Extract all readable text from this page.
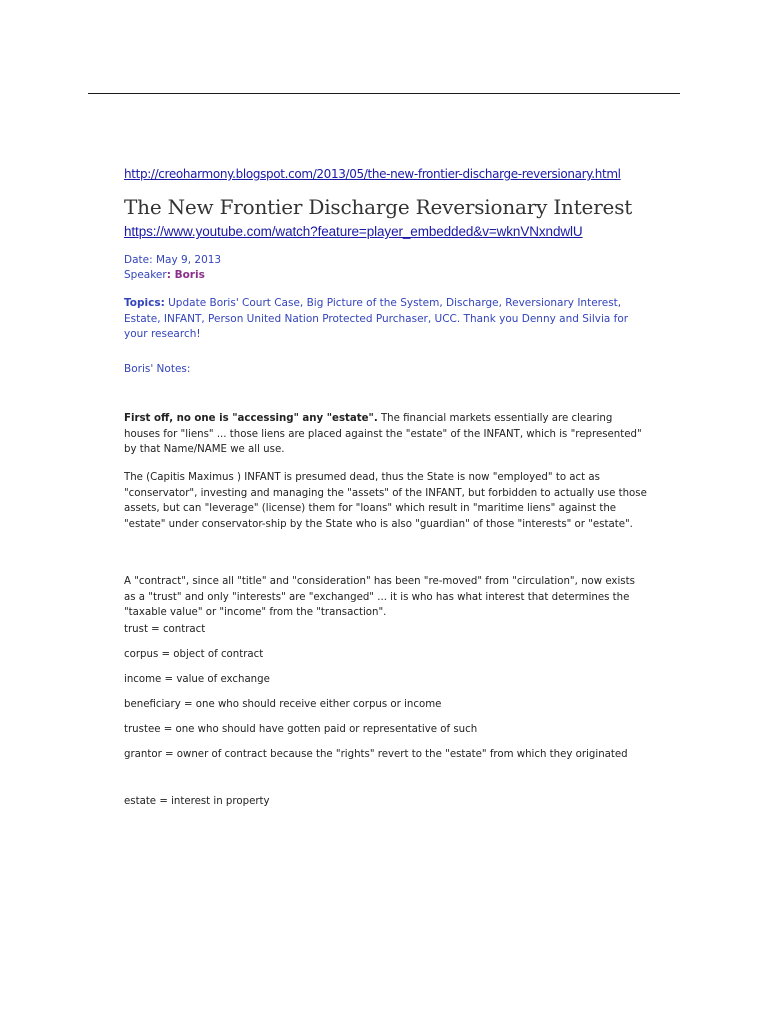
http://creoharmony.blogspot.com/2013/05/the-new-frontier-discharge-reversionary.html
The New Frontier Discharge Reversionary Interest
https://www.youtube.com/watch?feature=player_embedded&v=wknVNxndwlU
Date: May 9, 2013
Speaker: Boris
Topics: Update Boris' Court Case, Big Picture of the System, Discharge, Reversionary Interest, Estate, INFANT, Person United Nation Protected Purchaser, UCC. Thank you Denny and Silvia for your research!
Boris' Notes:
First off, no one is "accessing" any "estate". The financial markets essentially are clearing houses for "liens" ... those liens are placed against the "estate" of the INFANT, which is "represented" by that Name/NAME we all use.
The (Capitis Maximus ) INFANT is presumed dead, thus the State is now "employed" to act as "conservator", investing and managing the "assets" of the INFANT, but forbidden to actually use those assets, but can "leverage" (license) them for "loans" which result in "maritime liens" against the "estate" under conservator-ship by the State who is also "guardian" of those "interests" or "estate".
A "contract", since all "title" and "consideration" has been "re-moved" from "circulation", now exists as a "trust" and only "interests" are "exchanged" ... it is who has what interest that determines the "taxable value" or "income" from the "transaction".
trust = contract
corpus = object of contract
income = value of exchange
beneficiary = one who should receive either corpus or income
trustee = one who should have gotten paid or representative of such
grantor = owner of contract because the "rights" revert to the "estate" from which they originated
estate = interest in property
